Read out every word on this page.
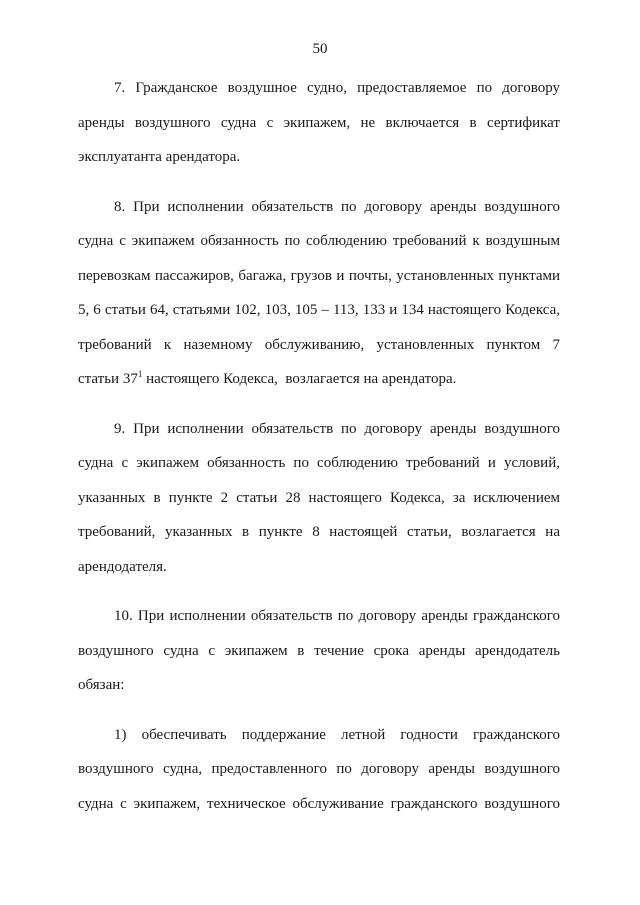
50
7. Гражданское воздушное судно, предоставляемое по договору
аренды воздушного судна с экипажем, не включается в сертификат
эксплуатанта арендатора.
8. При исполнении обязательств по договору аренды воздушного
судна с экипажем обязанность по соблюдению требований к воздушным
перевозкам пассажиров, багажа, грузов и почты, установленных пунктами
5, 6 статьи 64, статьями 102, 103, 105 – 113, 133 и 134 настоящего Кодекса,
требований к наземному обслуживанию, установленных пунктом 7
статьи $37^1$ настоящего Кодекса,  возлагается на арендатора.
9. При исполнении обязательств по договору аренды воздушного
судна с экипажем обязанность по соблюдению требований и условий,
указанных в пункте 2 статьи 28 настоящего Кодекса, за исключением
требований, указанных в пункте 8 настоящей статьи, возлагается на
арендодателя.
10. При исполнении обязательств по договору аренды гражданского
воздушного судна с экипажем в течение срока аренды арендодатель
обязан:
1) обеспечивать поддержание летной годности гражданского
воздушного судна, предоставленного по договору аренды воздушного
судна с экипажем, техническое обслуживание гражданского воздушного
